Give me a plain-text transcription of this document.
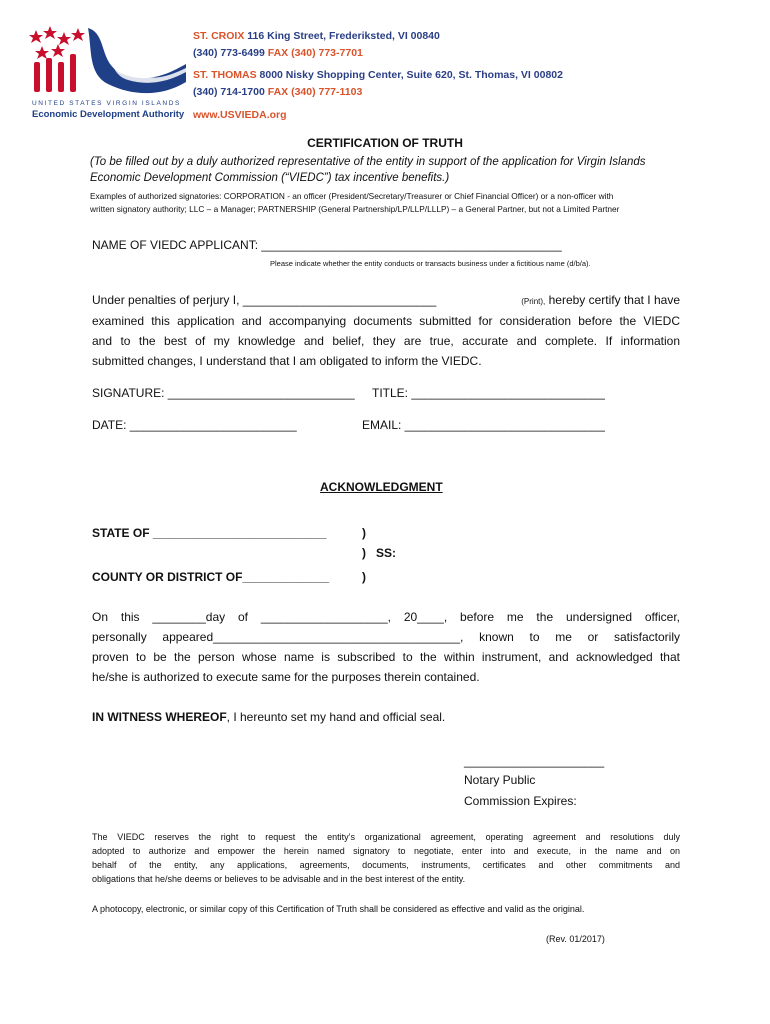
UNITED STATES VIRGIN ISLANDS
Economic Development Authority
ST. CROIX 116 King Street, Frederiksted, VI 00840
(340) 773-6499 FAX (340) 773-7701
ST. THOMAS 8000 Nisky Shopping Center, Suite 620, St. Thomas, VI 00802
(340) 714-1700 FAX (340) 777-1103
www.USVIEDA.org
CERTIFICATION OF TRUTH
(To be filled out by a duly authorized representative of the entity in support of the application for Virgin Islands
Economic Development Commission (“VIEDC”) tax incentive benefits.)
Examples of authorized signatories: CORPORATION - an officer (President/Secretary/Treasurer or Chief Financial Officer) or a non-officer with
written signatory authority; LLC – a Manager; PARTNERSHIP (General Partnership/LP/LLP/LLLP) – a General Partner, but not a Limited Partner
NAME OF VIEDC APPLICANT: _____________________________________________
Please indicate whether the entity conducts or transacts business under a fictitious name (d/b/a).
Under penalties of perjury I, _____________________________	(Print), hereby certify that I have
examined this application and accompanying documents submitted for consideration before the VIEDC
and to the best of my knowledge and belief, they are true, accurate and complete. If information
submitted changes, I understand that I am obligated to inform the VIEDC.
SIGNATURE: ____________________________ TITLE: _____________________________
DATE: _________________________	EMAIL: ______________________________
ACKNOWLEDGMENT
STATE OF __________________________	)
) SS:
)
COUNTY OR DISTRICT OF_____________
On this ________day of ___________________, 20____, before me the undersigned officer,
personally appeared_____________________________________, known to me or satisfactorily
proven to be the person whose name is subscribed to the within instrument, and acknowledged that
he/she is authorized to execute same for the purposes therein contained.
IN WITNESS WHEREOF, I hereunto set my hand and official seal.
_____________________
Notary Public
Commission Expires:
The VIEDC reserves the right to request the entity’s organizational agreement, operating agreement and resolutions duly
adopted to authorize and empower the herein named signatory to negotiate, enter into and execute, in the name and on
behalf of the entity, any applications, agreements, documents, instruments, certificates and other commitments and
obligations that he/she deems or believes to be advisable and in the best interest of the entity.
A photocopy, electronic, or similar copy of this Certification of Truth shall be considered as effective and valid as the original.
(Rev. 01/2017)
